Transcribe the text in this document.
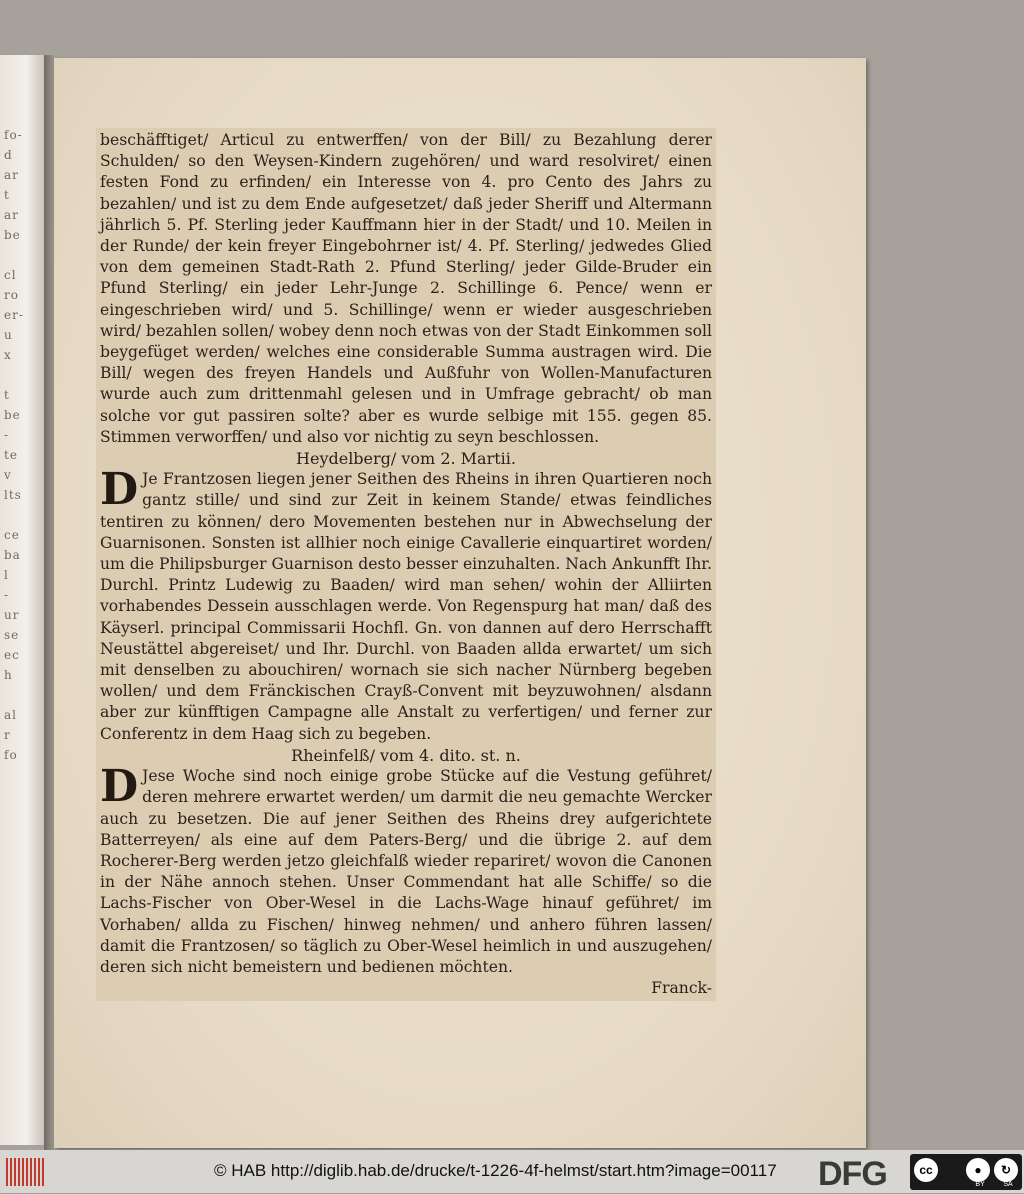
fo-
d ar
t
ar
be

cl
ro
er-
u
x

t
be
-
te
v
lts

ce
ba
l
-
ur
se
ec
h

al
r
fo

beschäfftiget/ Articul zu entwerffen/ von der Bill/ zu Bezahlung derer Schulden/ so den Weysen-Kindern zugehören/ und ward resolviret/ einen festen Fond zu erfinden/ ein Interesse von 4. pro Cento des Jahrs zu bezahlen/ und ist zu dem Ende aufgesetzet/ daß jeder Sheriff und Altermann jährlich 5. Pf. Sterling jeder Kauffmann hier in der Stadt/ und 10. Meilen in der Runde/ der kein freyer Eingebohrner ist/ 4. Pf. Sterling/ jedwedes Glied von dem gemeinen Stadt-Rath 2. Pfund Sterling/ jeder Gilde-Bruder ein Pfund Sterling/ ein jeder Lehr-Junge 2. Schillinge 6. Pence/ wenn er eingeschrieben wird/ und 5. Schillinge/ wenn er wieder ausgeschrieben wird/ bezahlen sollen/ wobey denn noch etwas von der Stadt Einkommen soll beygefüget werden/ welches eine considerable Summa austragen wird. Die Bill/ wegen des freyen Handels und Außfuhr von Wollen-Manufacturen wurde auch zum drittenmahl gelesen und in Umfrage gebracht/ ob man solche vor gut passiren solte? aber es wurde selbige mit 155. gegen 85. Stimmen verworffen/ und also vor nichtig zu seyn beschlossen.

Heydelberg/ vom 2. Martii.

D Je Frantzosen liegen jener Seithen des Rheins in ihren Quartieren noch gantz stille/ und sind zur Zeit in keinem Stande/ etwas feindliches tentiren zu können/ dero Movementen bestehen nur in Abwechselung der Guarnisonen. Sonsten ist allhier noch einige Cavallerie einquartiret worden/ um die Philipsburger Guarnison desto besser einzuhalten. Nach Ankunfft Ihr. Durchl. Printz Ludewig zu Baaden/ wird man sehen/ wohin der Alliirten vorhabendes Dessein ausschlagen werde. Von Regenspurg hat man/ daß des Käyserl. principal Commissarii Hochfl. Gn. von dannen auf dero Herrschafft Neustättel abgereiset/ und Ihr. Durchl. von Baaden allda erwartet/ um sich mit denselben zu abouchiren/ wornach sie sich nacher Nürnberg begeben wollen/ und dem Fränckischen Crayß-Convent mit beyzuwohnen/ alsdann aber zur künfftigen Campagne alle Anstalt zu verfertigen/ und ferner zur Conferentz in dem Haag sich zu begeben.

Rheinfelß/ vom 4. dito. st. n.

D Jese Woche sind noch einige grobe Stücke auf die Vestung geführet/ deren mehrere erwartet werden/ um darmit die neu gemachte Wercker auch zu besetzen. Die auf jener Seithen des Rheins drey aufgerichtete Batterreyen/ als eine auf dem Paters-Berg/ und die übrige 2. auf dem Rocherer-Berg werden jetzo gleichfalß wieder repariret/ wovon die Canonen in der Nähe annoch stehen. Unser Commendant hat alle Schiffe/ so die Lachs-Fischer von Ober-Wesel in die Lachs-Wage hinauf geführet/ im Vorhaben/ allda zu Fischen/ hinweg nehmen/ und anhero führen lassen/ damit die Frantzosen/ so täglich zu Ober-Wesel heimlich in und auszugehen/ deren sich nicht bemeistern und bedienen möchten.

Franck-

© HAB http://diglib.hab.de/drucke/t-1226-4f-helmst/start.htm?image=00117 DFG	cc	●	↻
BY	SA
